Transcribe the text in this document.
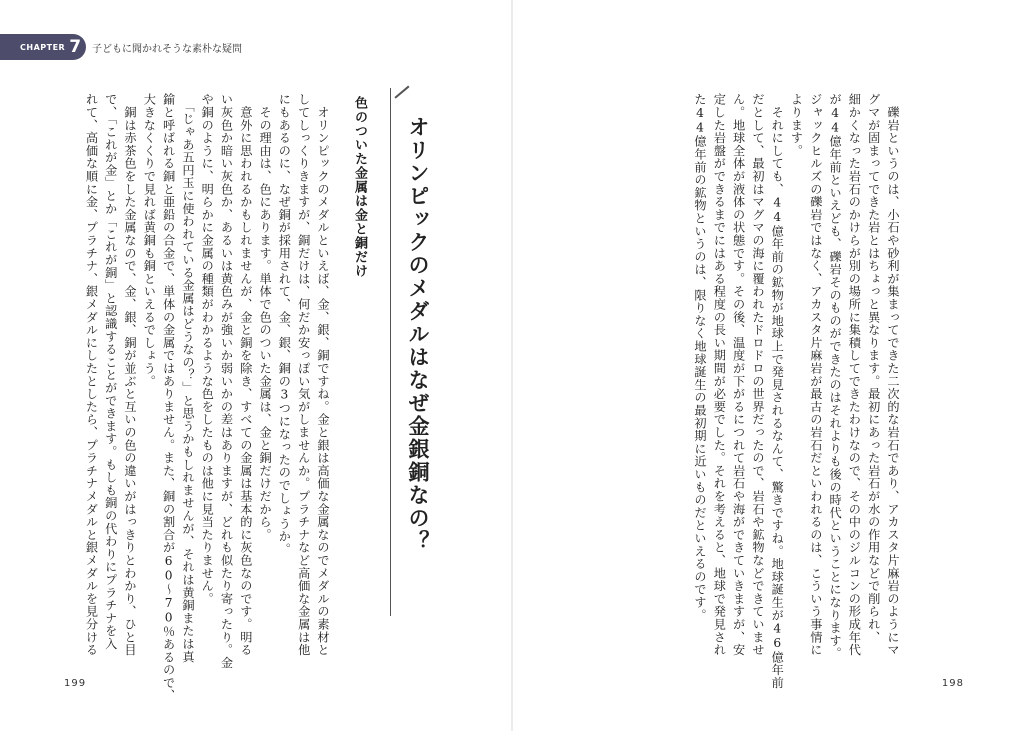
CHAPTER 7 子どもに聞かれそうな素朴な疑問
オリンピックのメダルはなぜ金銀銅なの？
色のついた金属は金と銅だけ

　オリンピックのメダルといえば、金、銀、銅ですね。金と銀は高価な金属なのでメダルの素材と

してしっくりきますが、銅だけは、何だか安っぽい気がしませんか。プラチナなど高価な金属は他

にもあるのに、なぜ銅が採用されて、金、銀、銅の3つになったのでしょうか。

　その理由は、色にあります。単体で色のついた金属は、金と銅だけだから。

　意外に思われるかもしれませんが、金と銅を除き、すべての金属は基本的に灰色なのです。明る

い灰色か暗い灰色か、あるいは黄色みが強いか弱いかの差はありますが、どれも似たり寄ったり。金

や銅のように、明らかに金属の種類がわかるような色をしたものは他に見当たりません。

　「じゃあ五円玉に使われている金属はどうなの？」と思うかもしれませんが、それは黄銅または真

鍮と呼ばれる銅と亜鉛の合金で、単体の金属ではありません。また、銅の割合が60〜70％あるので、

大きなくくりで見れば黄銅も銅といえるでしょう。

　銅は赤茶色をした金属なので、金、銀、銅が並ぶと互いの色の違いがはっきりとわかり、ひと目

で、「これが金」とか「これが銅」と認識することができます。もしも銅の代わりにプラチナを入

れて、高価な順に金、プラチナ、銀メダルにしたとしたら、プラチナメダルと銀メダルを見分ける

199

　礫岩というのは、小石や砂利が集まってできた二次的な岩石であり、アカスタ片麻岩のようにマ

グマが固まってできた岩とはちょっと異なります。最初にあった岩石が水の作用などで削られ、

細かくなった岩石のかけらが別の場所に集積してできたわけなので、その中のジルコンの形成年代

が44億年前といえども、礫岩そのものができたのはそれよりも後の時代ということになります。

ジャックヒルズの礫岩ではなく、アカスタ片麻岩が最古の岩石だといわれるのは、こういう事情に

よります。

　それにしても、44億年前の鉱物が地球上で発見されるなんて、驚きですね。地球誕生が46億年前

だとして、最初はマグマの海に覆われたドロドロの世界だったので、岩石や鉱物などできていませ

ん。地球全体が液体の状態です。その後、温度が下がるにつれて岩石や海ができていきますが、安

定した岩盤ができるまでにはある程度の長い期間が必要でした。それを考えると、地球で発見され

た44億年前の鉱物というのは、限りなく地球誕生の最初期に近いものだといえるのです。

198
